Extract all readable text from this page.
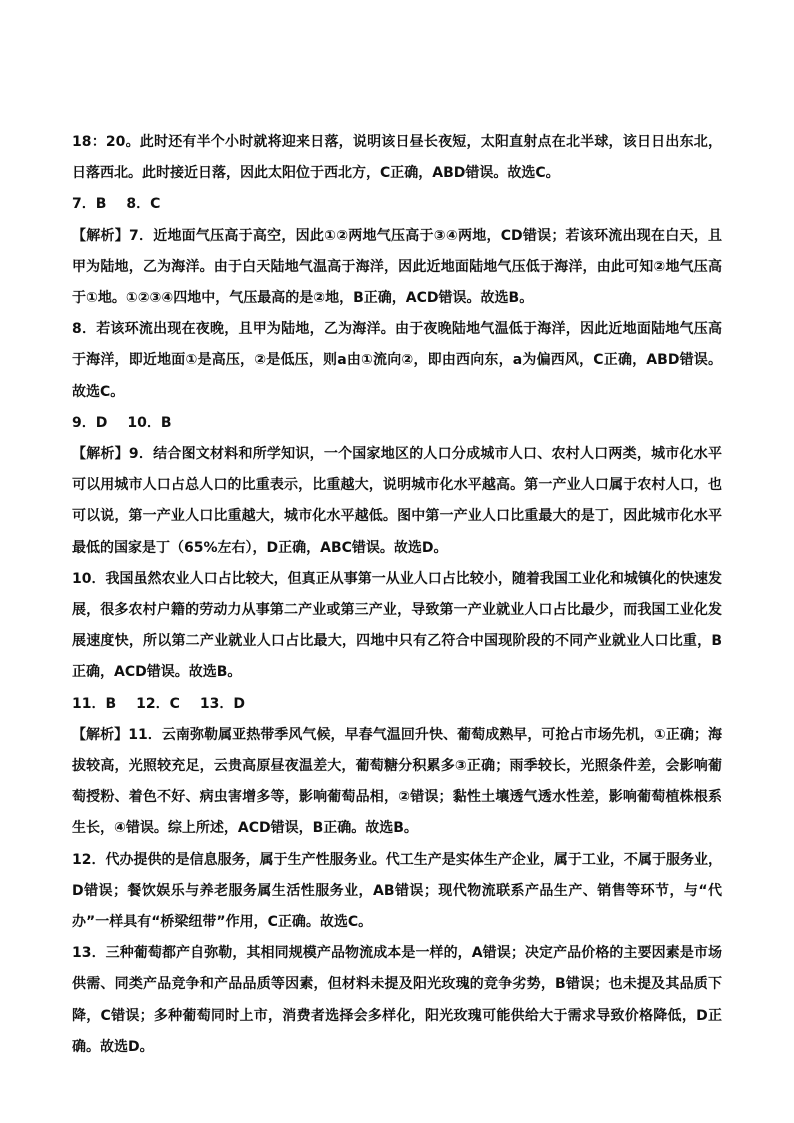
18：20。此时还有半个小时就将迎来日落，说明该日昼长夜短，太阳直射点在北半球，该日日出东北，日落西北。此时接近日落，因此太阳位于西北方，C正确，ABD错误。故选C。

7．B 8．C

【解析】7．近地面气压高于高空，因此①②两地气压高于③④两地，CD错误；若该环流出现在白天，且甲为陆地，乙为海洋。由于白天陆地气温高于海洋，因此近地面陆地气压低于海洋，由此可知②地气压高于①地。①②③④四地中，气压最高的是②地，B正确，ACD错误。故选B。

8．若该环流出现在夜晚，且甲为陆地，乙为海洋。由于夜晚陆地气温低于海洋，因此近地面陆地气压高于海洋，即近地面①是高压，②是低压，则a由①流向②，即由西向东，a为偏西风，C正确，ABD错误。故选C。

9．D 10．B

【解析】9．结合图文材料和所学知识，一个国家地区的人口分成城市人口、农村人口两类，城市化水平可以用城市人口占总人口的比重表示，比重越大，说明城市化水平越高。第一产业人口属于农村人口，也可以说，第一产业人口比重越大，城市化水平越低。图中第一产业人口比重最大的是丁，因此城市化水平最低的国家是丁（65%左右），D正确，ABC错误。故选D。

10．我国虽然农业人口占比较大，但真正从事第一从业人口占比较小，随着我国工业化和城镇化的快速发展，很多农村户籍的劳动力从事第二产业或第三产业，导致第一产业就业人口占比最少，而我国工业化发展速度快，所以第二产业就业人口占比最大，四地中只有乙符合中国现阶段的不同产业就业人口比重，B正确，ACD错误。故选B。

11．B 12．C 13．D

【解析】11．云南弥勒属亚热带季风气候，早春气温回升快、葡萄成熟早，可抢占市场先机，①正确；海拔较高，光照较充足，云贵高原昼夜温差大，葡萄糖分积累多③正确；雨季较长，光照条件差，会影响葡萄授粉、着色不好、病虫害增多等，影响葡萄品相，②错误；黏性土壤透气透水性差，影响葡萄植株根系生长，④错误。综上所述，ACD错误，B正确。故选B。

12．代办提供的是信息服务，属于生产性服务业。代工生产是实体生产企业，属于工业，不属于服务业，D错误；餐饮娱乐与养老服务属生活性服务业，AB错误；现代物流联系产品生产、销售等环节，与“代办”一样具有“桥梁纽带”作用，C正确。故选C。

13．三种葡萄都产自弥勒，其相同规模产品物流成本是一样的，A错误；决定产品价格的主要因素是市场供需、同类产品竞争和产品品质等因素，但材料未提及阳光玫瑰的竞争劣势，B错误；也未提及其品质下降，C错误；多种葡萄同时上市，消费者选择会多样化，阳光玫瑰可能供给大于需求导致价格降低，D正确。故选D。
